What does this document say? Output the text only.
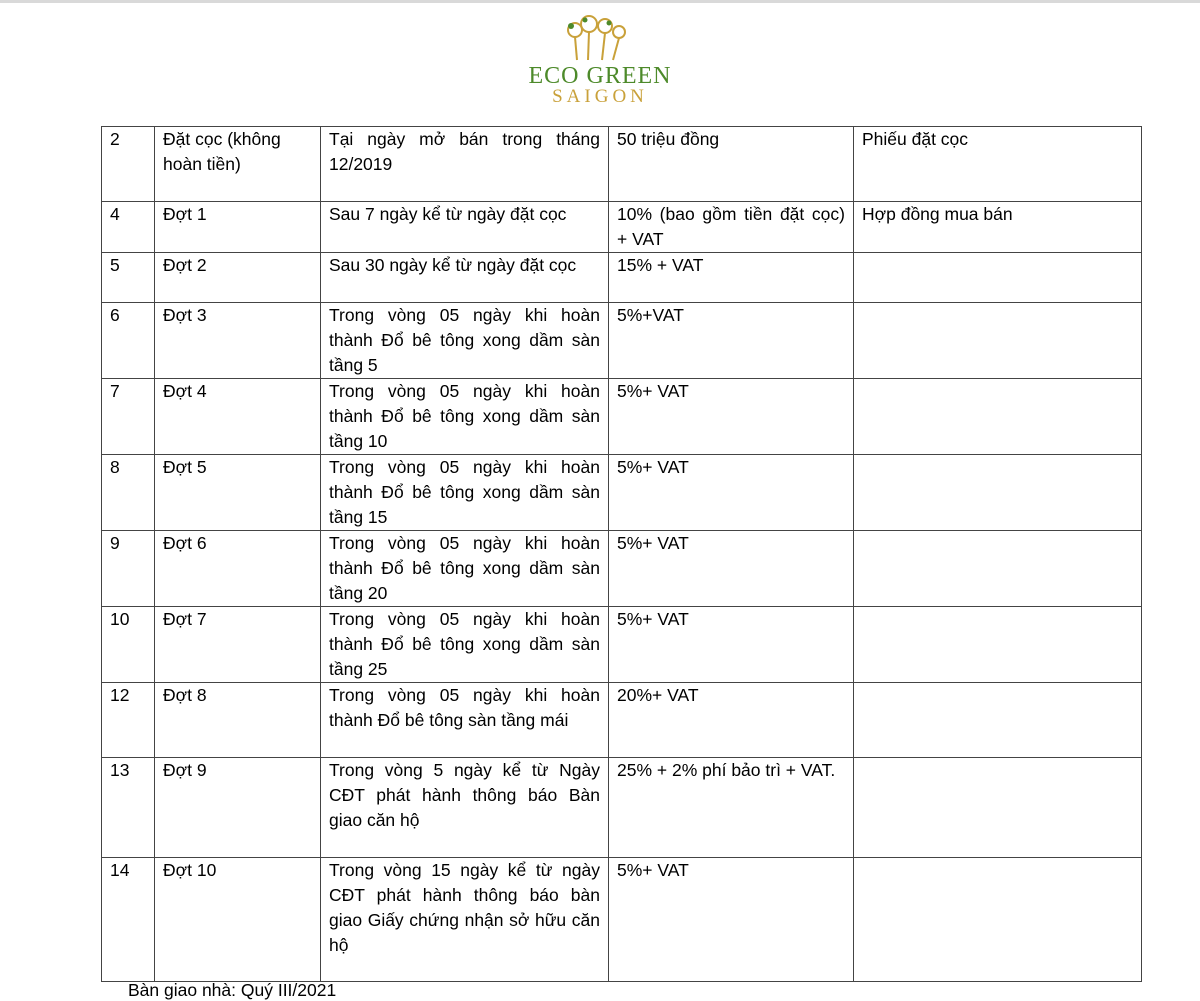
ECO GREEN
SAIGON
2	Đặt cọc (không hoàn tiền)	Tại ngày mở bán trong tháng 12/2019	50 triệu đồng	Phiếu đặt cọc
4	Đợt 1	Sau 7 ngày kể từ ngày đặt cọc	10% (bao gồm tiền đặt cọc) + VAT	Hợp đồng mua bán
5	Đợt 2	Sau 30 ngày kể từ ngày đặt cọc	15% + VAT	
6	Đợt 3	Trong vòng 05 ngày khi hoàn thành Đổ bê tông xong dầm sàn tầng 5	5%+VAT	
7	Đợt 4	Trong vòng 05 ngày khi hoàn thành Đổ bê tông xong dầm sàn tầng 10	5%+ VAT	
8	Đợt 5	Trong vòng 05 ngày khi hoàn thành Đổ bê tông xong dầm sàn tầng 15	5%+ VAT	
9	Đợt 6	Trong vòng 05 ngày khi hoàn thành Đổ bê tông xong dầm sàn tầng 20	5%+ VAT	
10	Đợt 7	Trong vòng 05 ngày khi hoàn thành Đổ bê tông xong dầm sàn tầng 25	5%+ VAT	
12	Đợt 8	Trong vòng 05 ngày khi hoàn thành Đổ bê tông sàn tầng mái	20%+ VAT	
13	Đợt 9	Trong vòng 5 ngày kể từ Ngày CĐT phát hành thông báo Bàn giao căn hộ	25% + 2% phí bảo trì + VAT.	
14	Đợt 10	Trong vòng 15 ngày kể từ ngày CĐT phát hành thông báo bàn giao Giấy chứng nhận sở hữu căn hộ	5%+ VAT	
Bàn giao nhà: Quý III/2021
